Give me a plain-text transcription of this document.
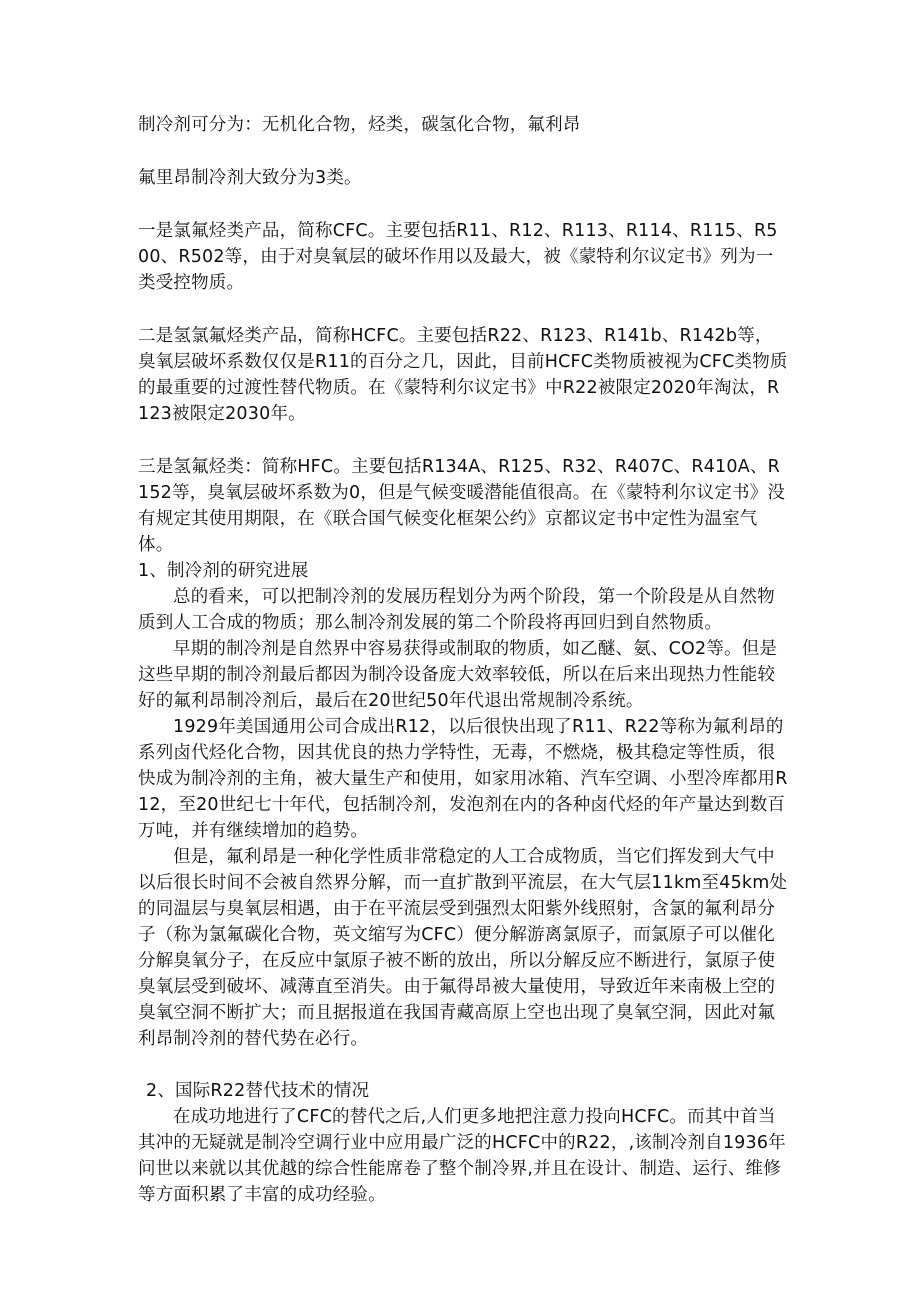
制冷剂可分为：无机化合物，烃类，碳氢化合物，氟利昂

氟里昂制冷剂大致分为3类。

一是氯氟烃类产品，简称CFC。主要包括R11、R12、R113、R114、R115、R500、R502等，由于对臭氧层的破坏作用以及最大，被《蒙特利尔议定书》列为一类受控物质。

二是氢氯氟烃类产品，简称HCFC。主要包括R22、R123、R141b、R142b等，臭氧层破坏系数仅仅是R11的百分之几，因此，目前HCFC类物质被视为CFC类物质的最重要的过渡性替代物质。在《蒙特利尔议定书》中R22被限定2020年淘汰，R123被限定2030年。

三是氢氟烃类：简称HFC。主要包括R134A、R125、R32、R407C、R410A、R152等，臭氧层破坏系数为0，但是气候变暖潜能值很高。在《蒙特利尔议定书》没有规定其使用期限，在《联合国气候变化框架公约》京都议定书中定性为温室气体。

1、制冷剂的研究进展

总的看来，可以把制冷剂的发展历程划分为两个阶段，第一个阶段是从自然物质到人工合成的物质；那么制冷剂发展的第二个阶段将再回归到自然物质。

早期的制冷剂是自然界中容易获得或制取的物质，如乙醚、氨、CO2等。但是这些早期的制冷剂最后都因为制冷设备庞大效率较低，所以在后来出现热力性能较好的氟利昂制冷剂后，最后在20世纪50年代退出常规制冷系统。

1929年美国通用公司合成出R12，以后很快出现了R11、R22等称为氟利昂的系列卤代烃化合物，因其优良的热力学特性，无毒，不燃烧，极其稳定等性质，很快成为制冷剂的主角，被大量生产和使用，如家用冰箱、汽车空调、小型冷库都用R12，至20世纪七十年代，包括制冷剂，发泡剂在内的各种卤代烃的年产量达到数百万吨，并有继续增加的趋势。

但是，氟利昂是一种化学性质非常稳定的人工合成物质，当它们挥发到大气中以后很长时间不会被自然界分解，而一直扩散到平流层，在大气层11km至45km处的同温层与臭氧层相遇，由于在平流层受到强烈太阳紫外线照射，含氯的氟利昂分子（称为氯氟碳化合物，英文缩写为CFC）便分解游离氯原子，而氯原子可以催化分解臭氧分子，在反应中氯原子被不断的放出，所以分解反应不断进行，氯原子使臭氧层受到破坏、减薄直至消失。由于氟得昂被大量使用，导致近年来南极上空的臭氧空洞不断扩大；而且据报道在我国青藏高原上空也出现了臭氧空洞，因此对氟利昂制冷剂的替代势在必行。

2、国际R22替代技术的情况

在成功地进行了CFC的替代之后,人们更多地把注意力投向HCFC。而其中首当其冲的无疑就是制冷空调行业中应用最广泛的HCFC中的R22，,该制冷剂自1936年问世以来就以其优越的综合性能席卷了整个制冷界,并且在设计、制造、运行、维修等方面积累了丰富的成功经验。
